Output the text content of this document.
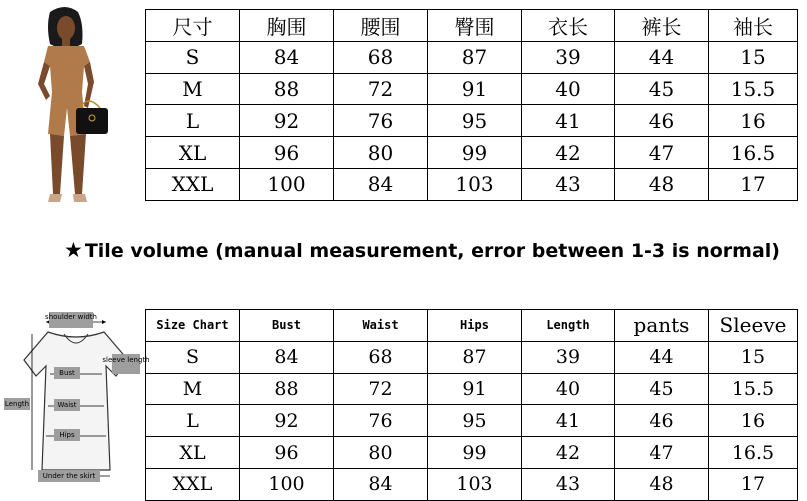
尺寸	胸围	腰围	臀围	衣长	裤长	袖长
S	84	68	87	39	44	15
M	88	72	91	40	45	15.5
L	92	76	95	41	46	16
XL	96	80	99	42	47	16.5
XXL	100	84	103	43	48	17
★ Tile volume (manual measurement, error between 1-3 is normal)
shoulder width
sleeve length
Length
Bust
Waist
Hips
Under the skirt
Size Chart	Bust	Waist	Hips	Length	pants	Sleeve
S	84	68	87	39	44	15
M	88	72	91	40	45	15.5
L	92	76	95	41	46	16
XL	96	80	99	42	47	16.5
XXL	100	84	103	43	48	17
